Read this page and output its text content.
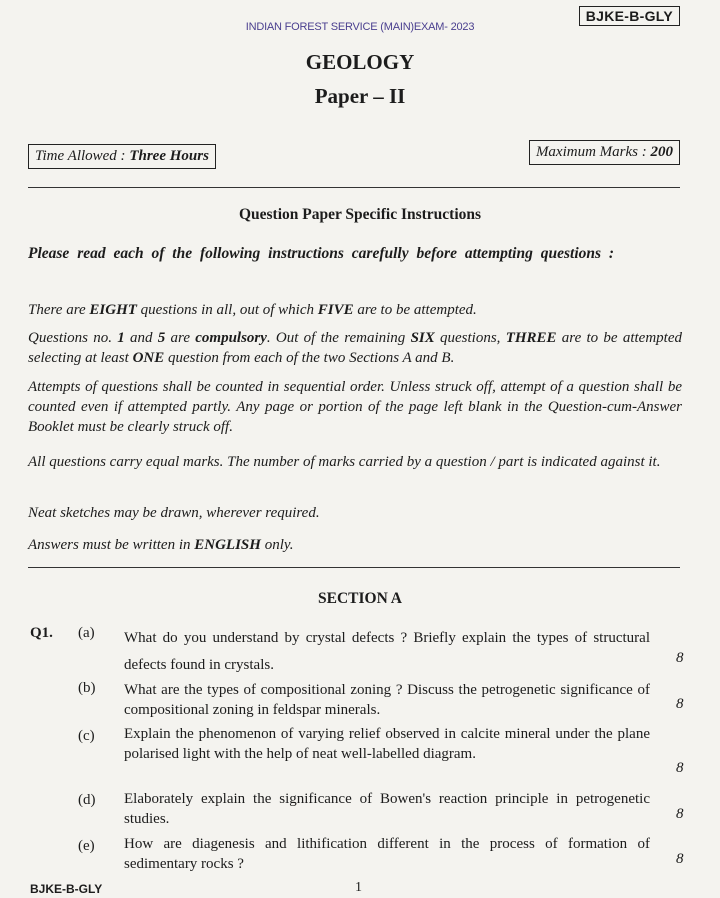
BJKE-B-GLY
INDIAN FOREST SERVICE (MAIN)EXAM- 2023
GEOLOGY
Paper – II
Time Allowed : Three Hours	Maximum Marks : 200
Question Paper Specific Instructions
Please read each of the following instructions carefully before attempting questions :
There are EIGHT questions in all, out of which FIVE are to be attempted.
Questions no. 1 and 5 are compulsory. Out of the remaining SIX questions, THREE are to be attempted selecting at least ONE question from each of the two Sections A and B.
Attempts of questions shall be counted in sequential order. Unless struck off, attempt of a question shall be counted even if attempted partly. Any page or portion of the page left blank in the Question-cum-Answer Booklet must be clearly struck off.
All questions carry equal marks. The number of marks carried by a question / part is indicated against it.
Neat sketches may be drawn, wherever required.
Answers must be written in ENGLISH only.
SECTION A
Q1. (a) What do you understand by crystal defects ? Briefly explain the types of structural defects found in crystals.	8
(b) What are the types of compositional zoning ? Discuss the petrogenetic significance of compositional zoning in feldspar minerals.	8
(c) Explain the phenomenon of varying relief observed in calcite mineral under the plane polarised light with the help of neat well-labelled diagram.
8
(d) Elaborately explain the significance of Bowen's reaction principle in petrogenetic studies.	8
(e) How are diagenesis and lithification different in the process of formation of sedimentary rocks ?	8
BJKE-B-GLY	1
